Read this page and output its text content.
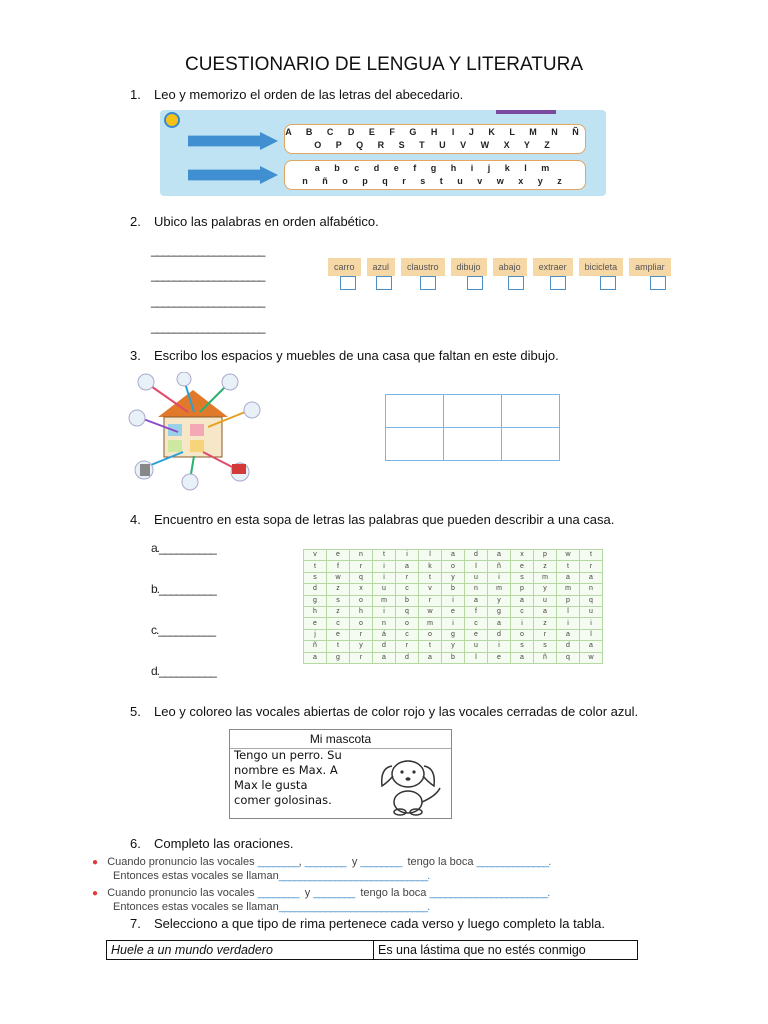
CUESTIONARIO DE LENGUA Y LITERATURA
1. Leo y memorizo el orden de las letras del abecedario.
A B C D E F G H I J K L M N Ñ
O P Q R S T U V W X Y Z
a b c d e f g h i j k l m
n ñ o p q r s t u v w x y z
2. Ubico las palabras en orden alfabético.
____________________
____________________
____________________
____________________
carro	azul	claustro	dibujo	abajo	extraer	bicicleta	ampliar
3. Escribo los espacios y muebles de una casa que faltan en este dibujo.

4. Encuentro en esta sopa de letras las palabras que pueden describir a una casa.
a.__________
b.__________
c.__________
d.__________
v	e	n	t	i	l	a	d	a	x	p	w	t
t	f	r	i	a	k	o	l	ñ	e	z	t	r
s	w	q	i	r	t	y	u	i	s	m	a	a
d	z	x	u	c	v	b	n	m	p	y	m	n
g	s	o	m	b	r	i	a	y	a	u	p	q
h	z	h	i	q	w	e	f	g	c	a	l	u
e	c	o	n	o	m	i	c	a	i	z	i	i
j	e	r	á	c	o	g	e	d	o	r	a	l
ñ	t	y	d	r	t	y	u	i	s	s	d	a
a	g	r	a	d	a	b	l	e	a	ñ	q	w
5. Leo y coloreo las vocales abiertas de color rojo y las vocales cerradas de color azul.
Mi mascota
Tengo un perro. Su
nombre es Max. A
Max le gusta
comer golosinas.
6. Completo las oraciones.
● Cuando pronuncio las vocales ________, ________ y ________ tengo la boca ______________.
Entonces estas vocales se llaman_____________________________.
● Cuando pronuncio las vocales ________ y ________ tengo la boca _______________________.
Entonces estas vocales se llaman_____________________________.
7. Selecciono a que tipo de rima pertenece cada verso y luego completo la tabla.
Huele a un mundo verdadero	Es una lástima que no estés conmigo
